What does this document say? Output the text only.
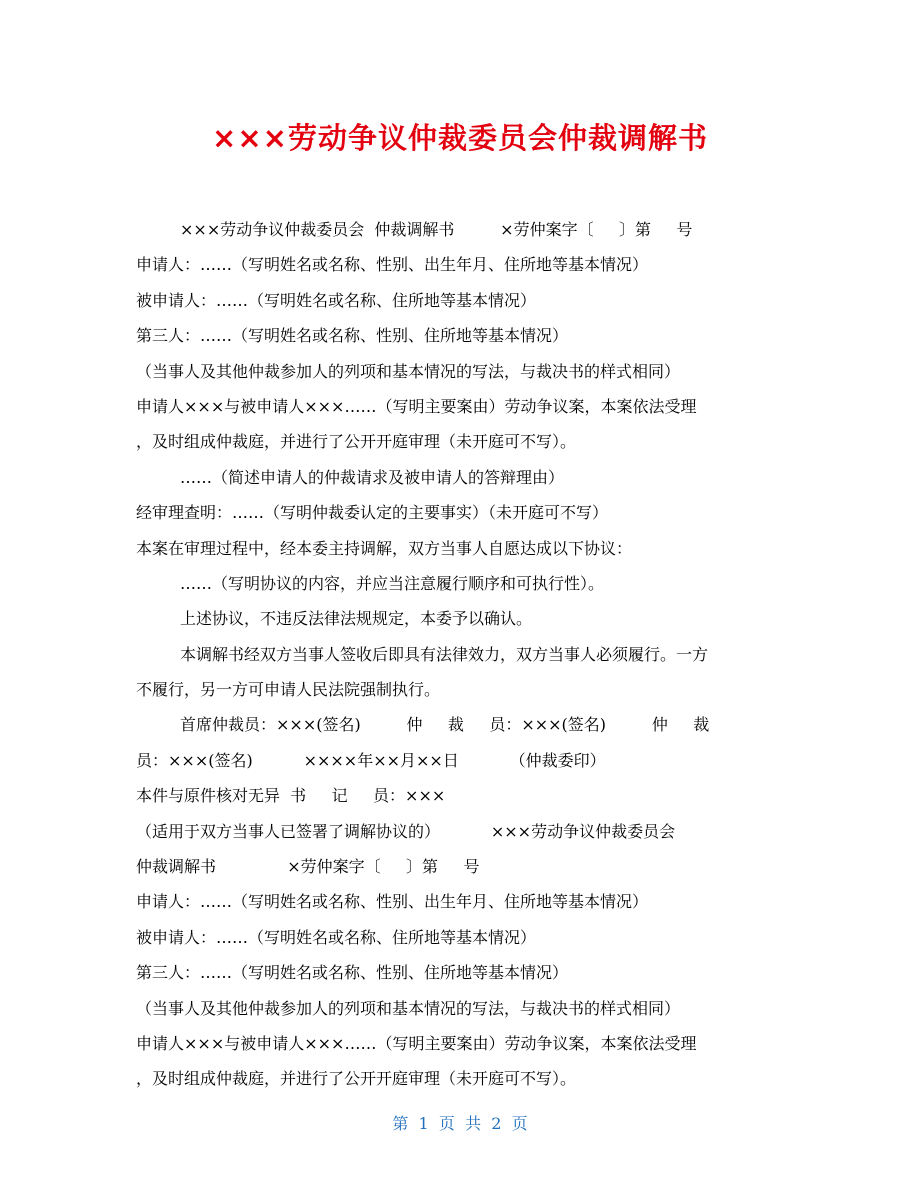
×××劳动争议仲裁委员会仲裁调解书
×××劳动争议仲裁委员会  仲裁调解书         ×劳仲案字〔     〕第     号
申请人：……（写明姓名或名称、性别、出生年月、住所地等基本情况）
被申请人：……（写明姓名或名称、住所地等基本情况）
第三人：……（写明姓名或名称、性别、住所地等基本情况）
（当事人及其他仲裁参加人的列项和基本情况的写法，与裁决书的样式相同）
申请人×××与被申请人×××……（写明主要案由）劳动争议案，本案依法受理
，及时组成仲裁庭，并进行了公开开庭审理（未开庭可不写）。
……（简述申请人的仲裁请求及被申请人的答辩理由）
经审理查明：……（写明仲裁委认定的主要事实）（未开庭可不写）
本案在审理过程中，经本委主持调解，双方当事人自愿达成以下协议：
……（写明协议的内容，并应当注意履行顺序和可执行性）。
上述协议，不违反法律法规规定，本委予以确认。
本调解书经双方当事人签收后即具有法律效力，双方当事人必须履行。一方
不履行，另一方可申请人民法院强制执行。
首席仲裁员：×××(签名)         仲     裁     员：×××(签名)         仲     裁
员：×××(签名)          ××××年××月××日          （仲裁委印）
本件与原件核对无异  书     记     员：×××
（适用于双方当事人已签署了调解协议的）          ×××劳动争议仲裁委员会
仲裁调解书              ×劳仲案字〔     〕第     号
申请人：……（写明姓名或名称、性别、出生年月、住所地等基本情况）
被申请人：……（写明姓名或名称、住所地等基本情况）
第三人：……（写明姓名或名称、性别、住所地等基本情况）
（当事人及其他仲裁参加人的列项和基本情况的写法，与裁决书的样式相同）
申请人×××与被申请人×××……（写明主要案由）劳动争议案，本案依法受理
，及时组成仲裁庭，并进行了公开开庭审理（未开庭可不写）。
第  1  页  共  2  页
